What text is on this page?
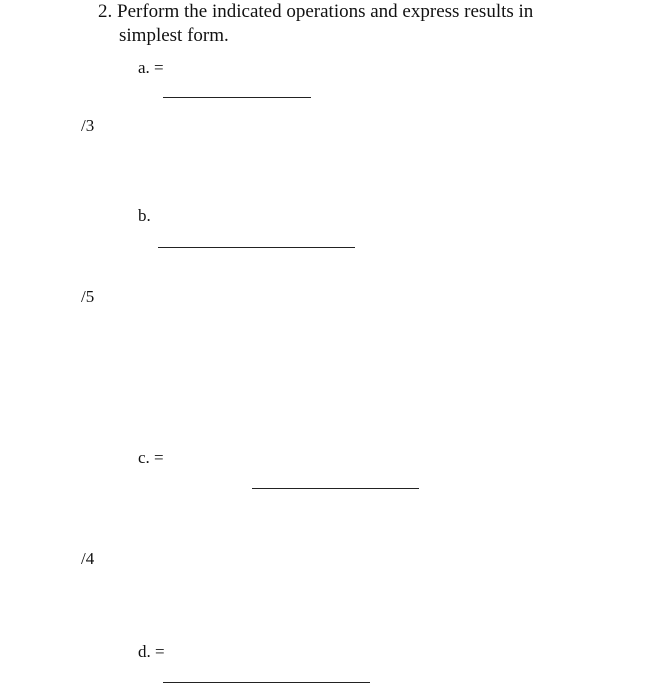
2. Perform the indicated operations and express results in
simplest form.
a. =
/3
b.
/5
c. =
/4
d. =
